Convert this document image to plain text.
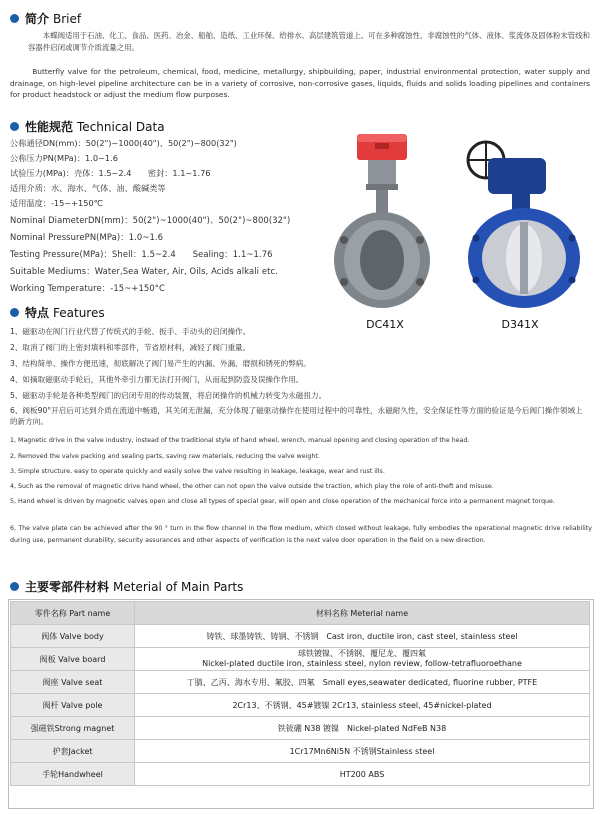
简介 Brief
本蝶阀适用于石油、化工、食品、医药、冶金、船舶、造纸、工业环保、给排水、高层建筑管道上。可在多种腐蚀性、非腐蚀性的气体、液体、浆流体及固体粉末管线和容器件启闭或调节介质流量之用。
Butterfly valve for the petroleum, chemical, food, medicine, metallurgy, shipbuilding, paper, industrial environmental protection, water supply and drainage, on high-level pipeline architecture can be in a variety of corrosive, non-corrosive gases, liquids, fluids and solids loading pipelines and containers for product headstock or adjust the medium flow purposes.
性能规范 Technical Data
公称通径DN(mm)：50(2")~1000(40")、50(2")~800(32")
公称压力PN(MPa)：1.0~1.6
试验压力(MPa)：壳体：1.5~2.4　　密封：1.1~1.76
适用介质：水、海水、气体、油、酸碱类等
适用温度：-15~+150℃
Nominal DiameterDN(mm)：50(2")~1000(40")、50(2")~800(32")
Nominal PressurePN(MPa)：1.0~1.6
Testing Pressure(MPa)：Shell：1.5~2.4　　Sealing：1.1~1.76
Suitable Mediums：Water,Sea Water, Air, Oils, Acids alkali etc.
Working Temperature：-15~+150°C
DC41X	D341X
特点 Features
1、磁驱动在阀门行业代替了传统式的手轮、扳手、手动头的启闭操作。
2、取消了阀门的上密封填料和零部件，节省原材料，减轻了阀门重量。
3、结构简单、操作方便迅速，彻底解决了阀门易产生的内漏、外漏、磨损和锈死的弊病。
4、如摘取磁驱动手轮后，其他外牵引力都无法打开阀门，从而起到防盗及误操作作用。
5、磁驱动手轮是各种类型阀门的启闭专用的传动装置，将启闭操作的机械力转变为永磁扭力。
6、阀板90°开启后可达到介质在流道中畅通，其关闭无泄漏，充分体现了磁驱动操作在使用过程中的可靠性，永磁耐久性，安全保证性等方面的验证是今后阀门操作领域上的新方向。
1, Magnetic drive in the valve industry, instead of the traditional style of hand wheel, wrench, manual opening and closing operation of the head.
2, Removed the valve packing and sealing parts, saving raw materials, reducing the valve weight.
3, Simple structure, easy to operate quickly and easily solve the valve resulting in leakage, leakage, wear and rust ills.
4, Such as the removal of magnetic drive hand wheel, the other can not open the valve outside the traction, which play the role of anti-theft and misuse.
5, Hand wheel is driven by magnetic valves open and close all types of special gear, will open and close operation of the mechanical force into a permanent magnet torque.
6, The valve plate can be achieved after the 90 ° turn in the flow channel in the flow medium, which closed without leakage, fully embodies the operational magnetic drive reliability during use, permanent durability, security assurances and other aspects of verification is the next valve door operation in the field on a new direction.
主要零部件材料 Meterial of Main Parts
零件名称 Part name	材料名称 Meterial name
阀体 Valve body	铸铁、球墨铸铁、铸钢、不锈钢　Cast iron, ductile iron, cast steel, stainless steel
阀板 Valve board	球铁镀镍、不锈钢、覆尼龙、覆四氟
Nickel-plated ductile iron, stainless steel, nylon review, follow-tetrafluoroethane

阀座 Valve seat	丁腈、乙丙、海水专用、氟胶、四氟　Small eyes,seawater dedicated, fluorine rubber, PTFE
阀杆 Valve pole	2Cr13、不锈钢、45#镀镍 2Cr13, stainless steel, 45#nickel-plated
强磁铁Strong magnet	铁钹硼 N38 镀镍　Nickel-plated NdFeB N38
护套Jacket	1Cr17Mn6Ni5N 不锈钢Stainless steel
手轮Handwheel	HT200 ABS
